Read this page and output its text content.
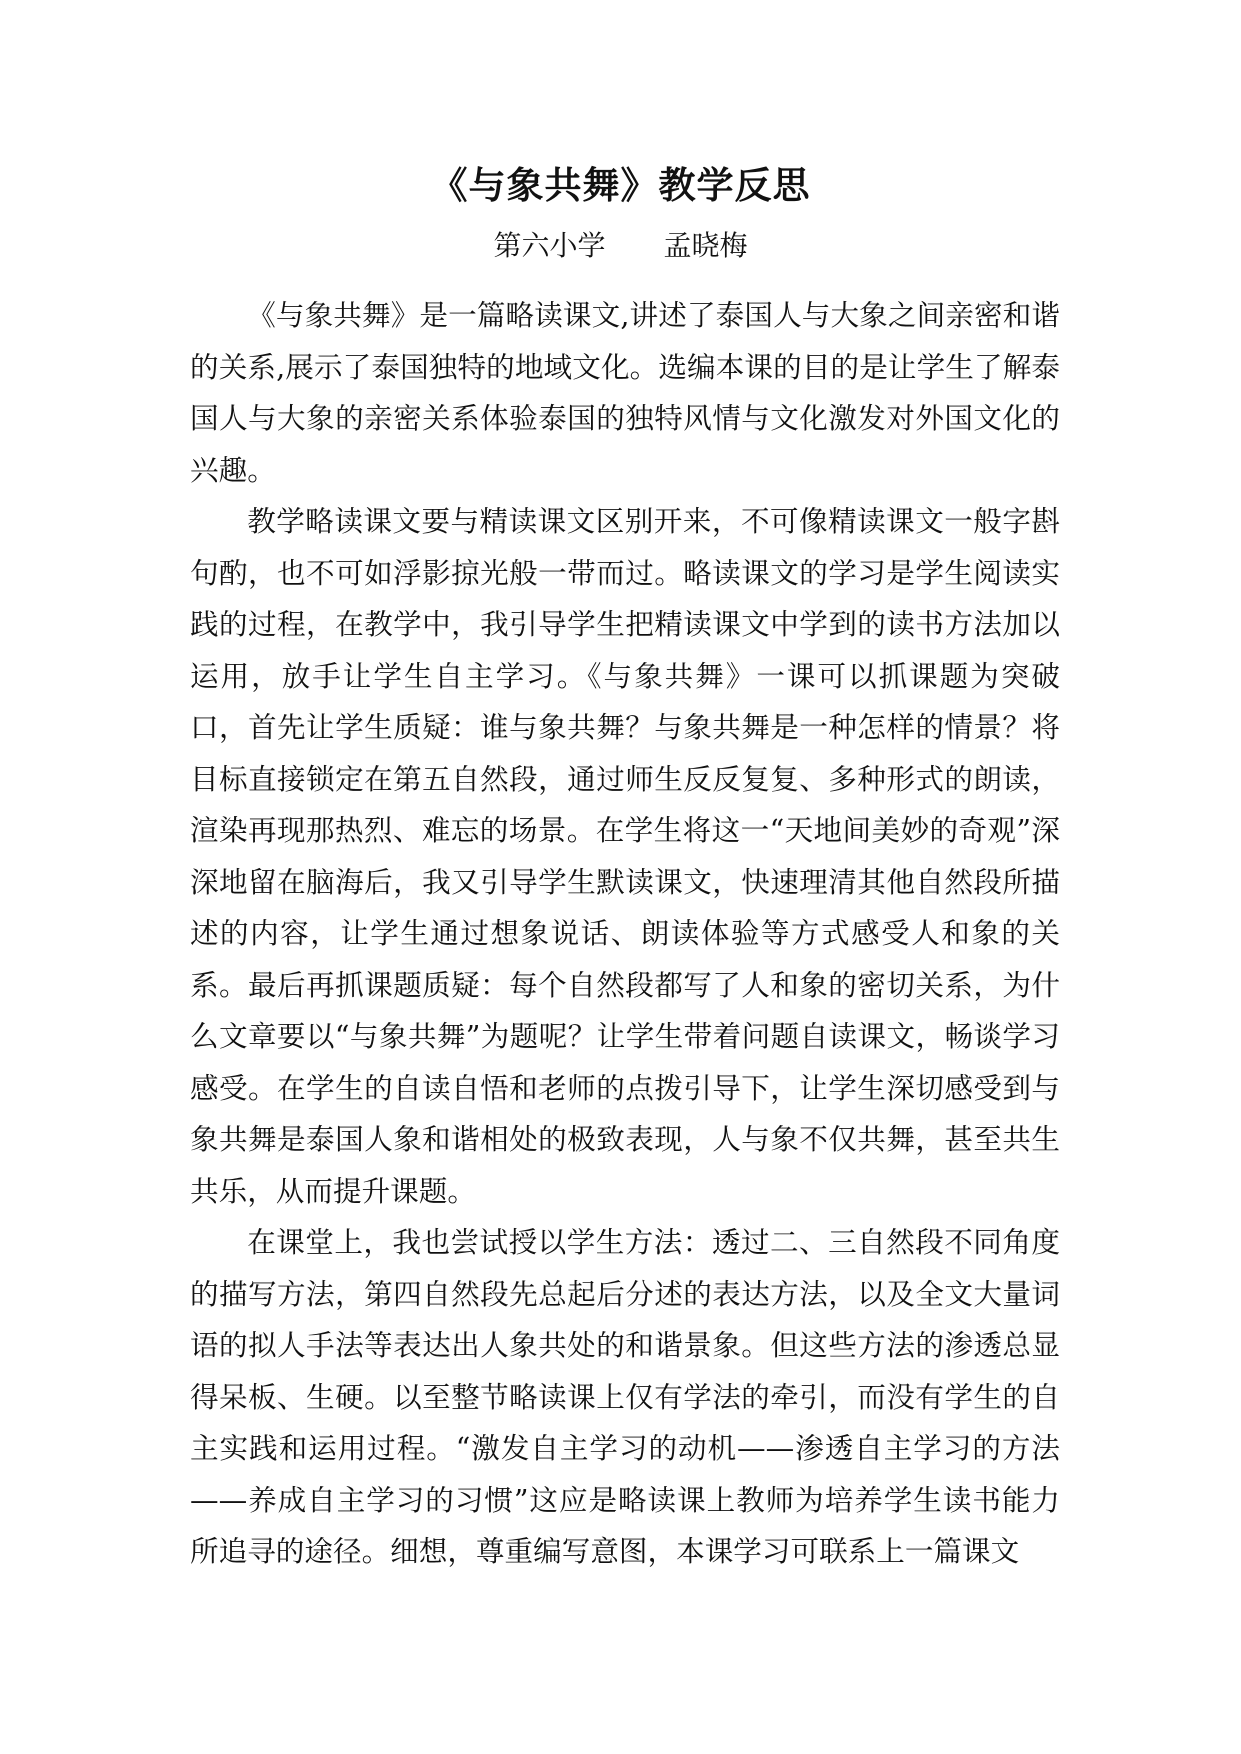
《与象共舞》教学反思
第六小学 孟晓梅

《与象共舞》是一篇略读课文,讲述了泰国人与大象之间亲密和谐的关系,展示了泰国独特的地域文化。选编本课的目的是让学生了解泰国人与大象的亲密关系体验泰国的独特风情与文化激发对外国文化的兴趣。

教学略读课文要与精读课文区别开来，不可像精读课文一般字斟句酌，也不可如浮影掠光般一带而过。略读课文的学习是学生阅读实践的过程，在教学中，我引导学生把精读课文中学到的读书方法加以运用，放手让学生自主学习。《与象共舞》一课可以抓课题为突破口，首先让学生质疑：谁与象共舞？与象共舞是一种怎样的情景？将目标直接锁定在第五自然段，通过师生反反复复、多种形式的朗读，渲染再现那热烈、难忘的场景。在学生将这一“天地间美妙的奇观”深深地留在脑海后，我又引导学生默读课文，快速理清其他自然段所描述的内容，让学生通过想象说话、朗读体验等方式感受人和象的关系。最后再抓课题质疑：每个自然段都写了人和象的密切关系，为什么文章要以“与象共舞”为题呢？让学生带着问题自读课文，畅谈学习感受。在学生的自读自悟和老师的点拨引导下，让学生深切感受到与象共舞是泰国人象和谐相处的极致表现，人与象不仅共舞，甚至共生共乐，从而提升课题。

在课堂上，我也尝试授以学生方法：透过二、三自然段不同角度的描写方法，第四自然段先总起后分述的表达方法，以及全文大量词语的拟人手法等表达出人象共处的和谐景象。但这些方法的渗透总显得呆板、生硬。以至整节略读课上仅有学法的牵引，而没有学生的自主实践和运用过程。“激发自主学习的动机——渗透自主学习的方法——养成自主学习的习惯”这应是略读课上教师为培养学生读书能力所追寻的途径。细想，尊重编写意图，本课学习可联系上一篇课文
